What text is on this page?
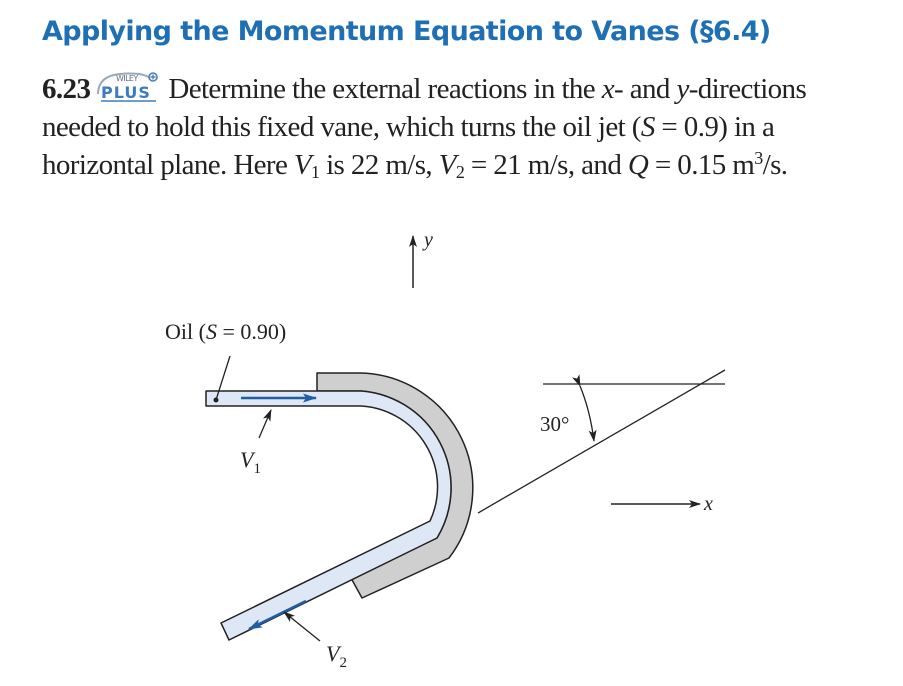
Applying the Momentum Equation to Vanes (§6.4)
6.23	WILEY
PLUS Determine the external reactions in the x- and y-directions needed to hold this fixed vane, which turns the oil jet (S = 0.9) in a horizontal plane. Here $V_1$ is 22 m/s, $V_2 = 21$ m/s, and Q = 0.15 $m^3/s$.
y
x
Oil (S = 0.90)
$V_1$
$V_2$
30°
